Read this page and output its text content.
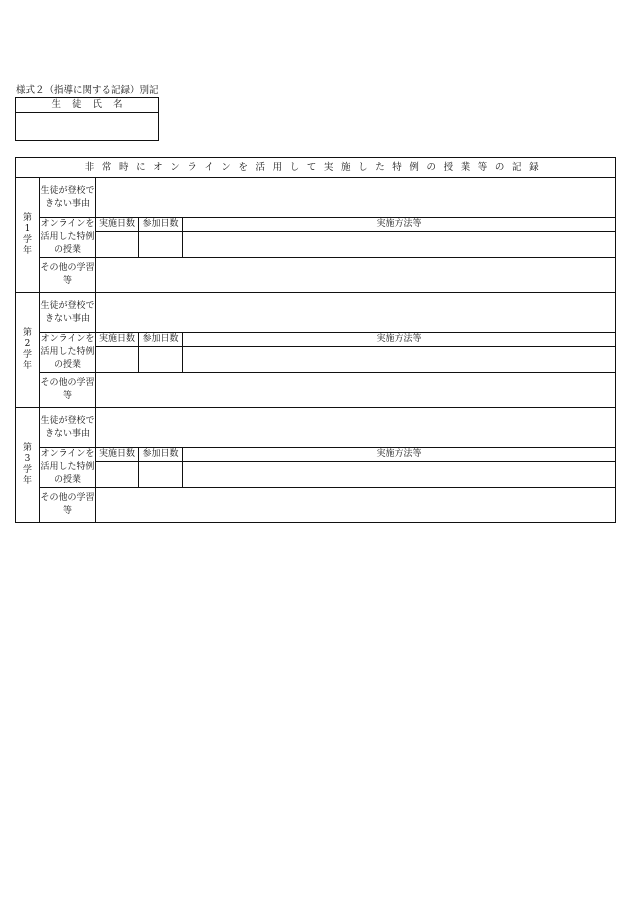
様式２（指導に関する記録）別記
生徒氏名
非常時にオンラインを活用して実施した特例の授業等の記録				
第1学年	生徒が登校できない事由			
	オンラインを活用した特例の授業	実施日数	参加日数	実施方法等

	その他の学習等			
第2学年	生徒が登校できない事由			
	オンラインを活用した特例の授業	実施日数	参加日数	実施方法等

	その他の学習等			
第3学年	生徒が登校できない事由			
	オンラインを活用した特例の授業	実施日数	参加日数	実施方法等

	その他の学習等			
